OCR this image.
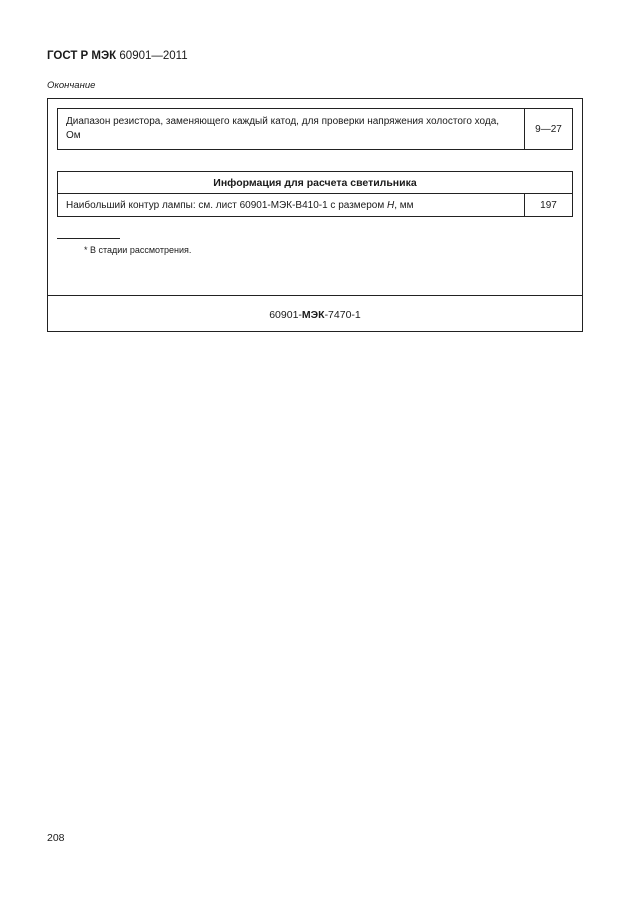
ГОСТ Р МЭК 60901—2011
Окончание
Диапазон резистора, заменяющего каждый катод, для проверки напряжения холостого хода, Ом	9—27
Информация для расчета светильника
Наибольший контур лампы: см. лист 60901-МЭК-В410-1 с размером H, мм	197
* В стадии рассмотрения.
60901-МЭК-7470-1
208
